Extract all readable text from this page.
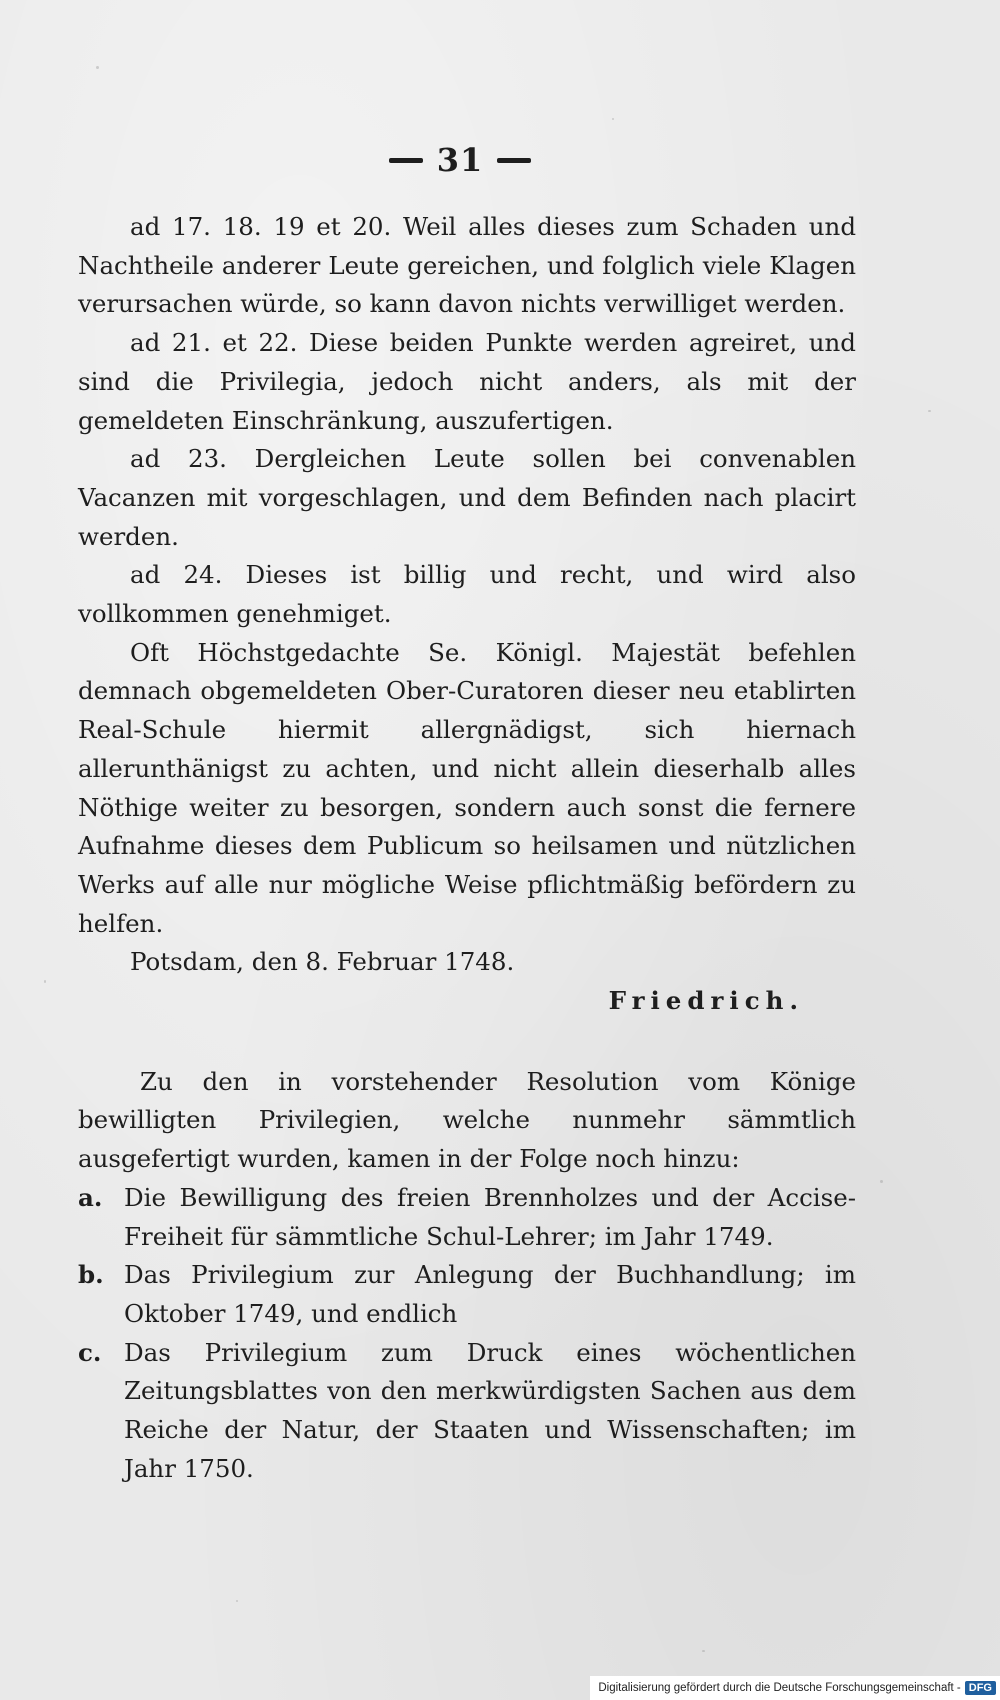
31

ad 17. 18. 19 et 20. Weil alles dieses zum Schaden und Nachtheile anderer Leute gereichen, und folglich viele Klagen verursachen würde, so kann davon nichts verwilliget werden.

ad 21. et 22. Diese beiden Punkte werden agreiret, und sind die Privilegia, jedoch nicht anders, als mit der gemeldeten Einschränkung, auszufertigen.

ad 23. Dergleichen Leute sollen bei convenablen Vacanzen mit vorgeschlagen, und dem Befinden nach placirt werden.

ad 24. Dieses ist billig und recht, und wird also vollkommen genehmiget.

Oft Höchstgedachte Se. Königl. Majestät befehlen demnach obgemeldeten Ober-Curatoren dieser neu etablirten Real-Schule hiermit allergnädigst, sich hiernach allerunthänigst zu achten, und nicht allein dieserhalb alles Nöthige weiter zu besorgen, sondern auch sonst die fernere Aufnahme dieses dem Publicum so heilsamen und nützlichen Werks auf alle nur mögliche Weise pflichtmäßig befördern zu helfen.

Potsdam, den 8. Februar 1748.

Friedrich.

Zu den in vorstehender Resolution vom Könige bewilligten Privilegien, welche nunmehr sämmtlich ausgefertigt wurden, kamen in der Folge noch hinzu:

a. Die Bewilligung des freien Brennholzes und der Accise-Freiheit für sämmtliche Schul-Lehrer; im Jahr 1749.
b. Das Privilegium zur Anlegung der Buchhandlung; im Oktober 1749, und endlich
c. Das Privilegium zum Druck eines wöchentlichen Zeitungsblattes von den merkwürdigsten Sachen aus dem Reiche der Natur, der Staaten und Wissenschaften; im Jahr 1750.
Digitalisierung gefördert durch die Deutsche Forschungsgemeinschaft - DFG
